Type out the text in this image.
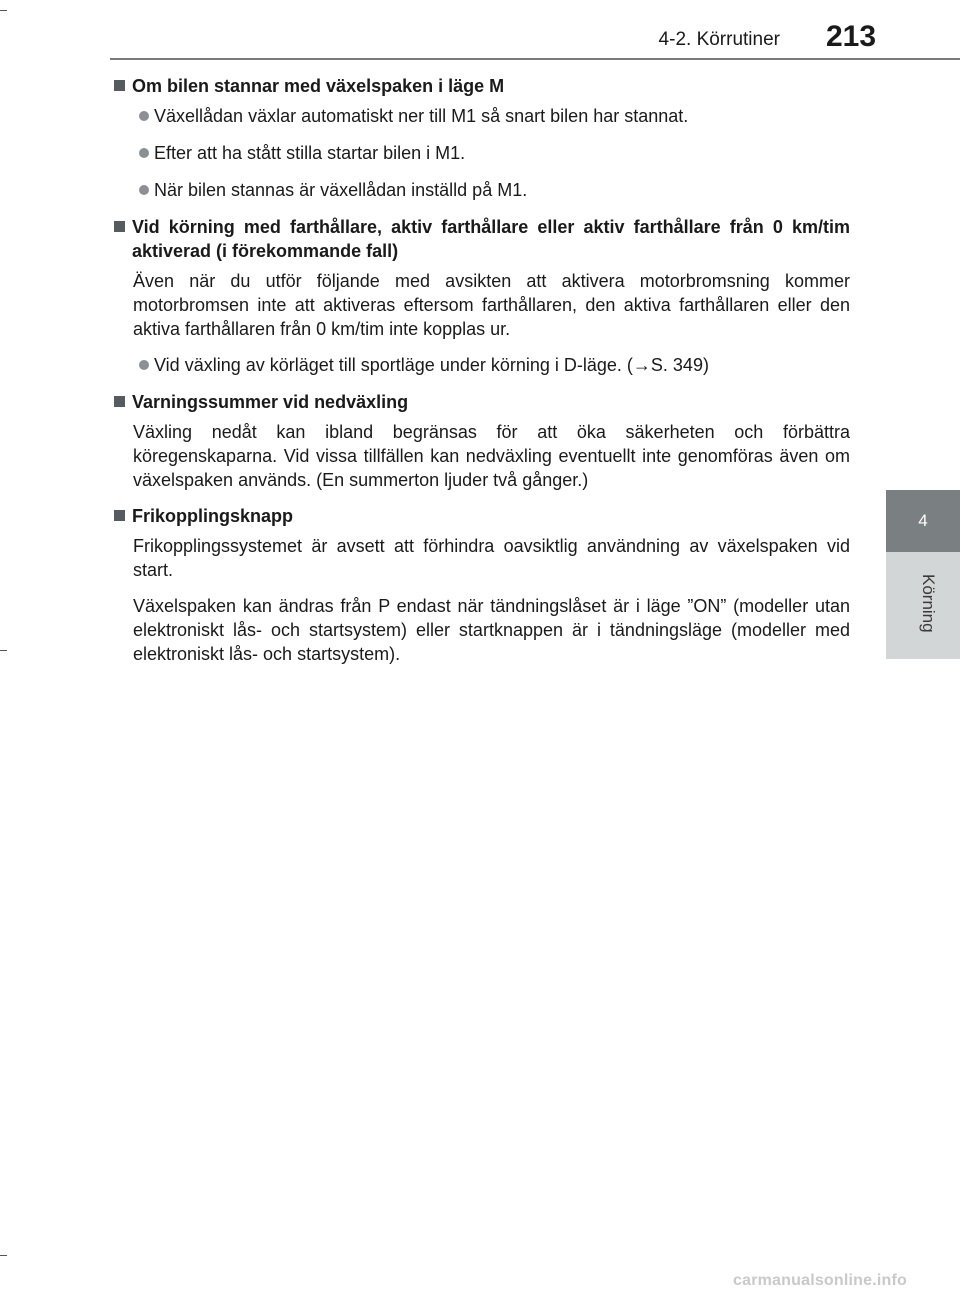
4-2. Körrutiner 213
4
Körning
Om bilen stannar med växelspaken i läge M
Växellådan växlar automatiskt ner till M1 så snart bilen har stannat.
Efter att ha stått stilla startar bilen i M1.
När bilen stannas är växellådan inställd på M1.
Vid körning med farthållare, aktiv farthållare eller aktiv farthållare från 0 km/tim aktiverad (i förekommande fall)
Även när du utför följande med avsikten att aktivera motorbromsning kommer motorbromsen inte att aktiveras eftersom farthållaren, den aktiva farthållaren eller den aktiva farthållaren från 0 km/tim inte kopplas ur.
Vid växling av körläget till sportläge under körning i D-läge. (→S. 349)
Varningssummer vid nedväxling
Växling nedåt kan ibland begränsas för att öka säkerheten och förbättra köregenskaparna. Vid vissa tillfällen kan nedväxling eventuellt inte genomföras även om växelspaken används. (En summerton ljuder två gånger.)
Frikopplingsknapp
Frikopplingssystemet är avsett att förhindra oavsiktlig användning av växelspaken vid start.
Växelspaken kan ändras från P endast när tändningslåset är i läge ”ON” (modeller utan elektroniskt lås- och startsystem) eller startknappen är i tändningsläge (modeller med elektroniskt lås- och startsystem).
carmanualsonline.info
